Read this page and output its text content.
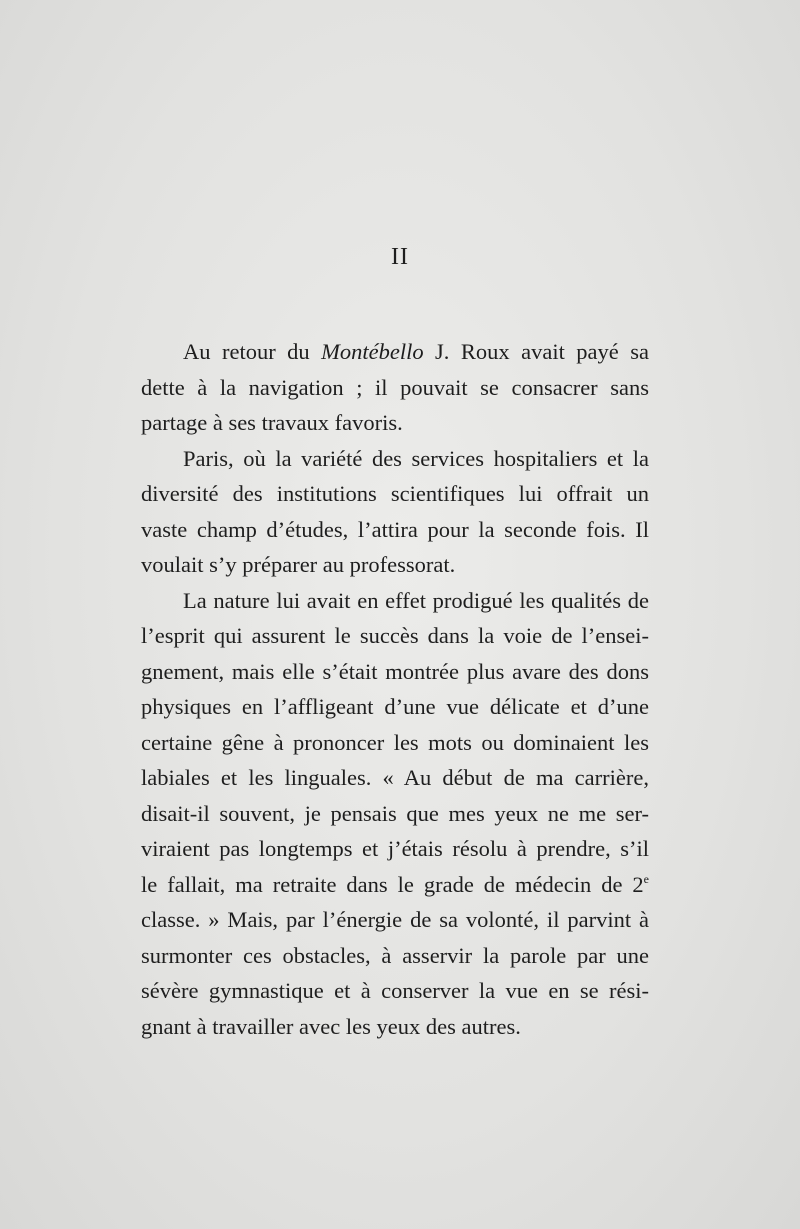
II

Au retour du Montébello J. Roux avait payé sa
dette à la navigation ; il pouvait se consacrer sans
partage à ses travaux favoris.

Paris, où la variété des services hospitaliers et la
diversité des institutions scientifiques lui offrait un
vaste champ d’études, l’attira pour la seconde fois. Il
voulait s’y préparer au professorat.

La nature lui avait en effet prodigué les qualités de
l’esprit qui assurent le succès dans la voie de l’ensei-
gnement, mais elle s’était montrée plus avare des dons
physiques en l’affligeant d’une vue délicate et d’une
certaine gêne à prononcer les mots ou dominaient les
labiales et les linguales. « Au début de ma carrière,
disait-il souvent, je pensais que mes yeux ne me ser-
viraient pas longtemps et j’étais résolu à prendre, s’il
le fallait, ma retraite dans le grade de médecin de 2e
classe. » Mais, par l’énergie de sa volonté, il parvint à
surmonter ces obstacles, à asservir la parole par une
sévère gymnastique et à conserver la vue en se rési-
gnant à travailler avec les yeux des autres.
